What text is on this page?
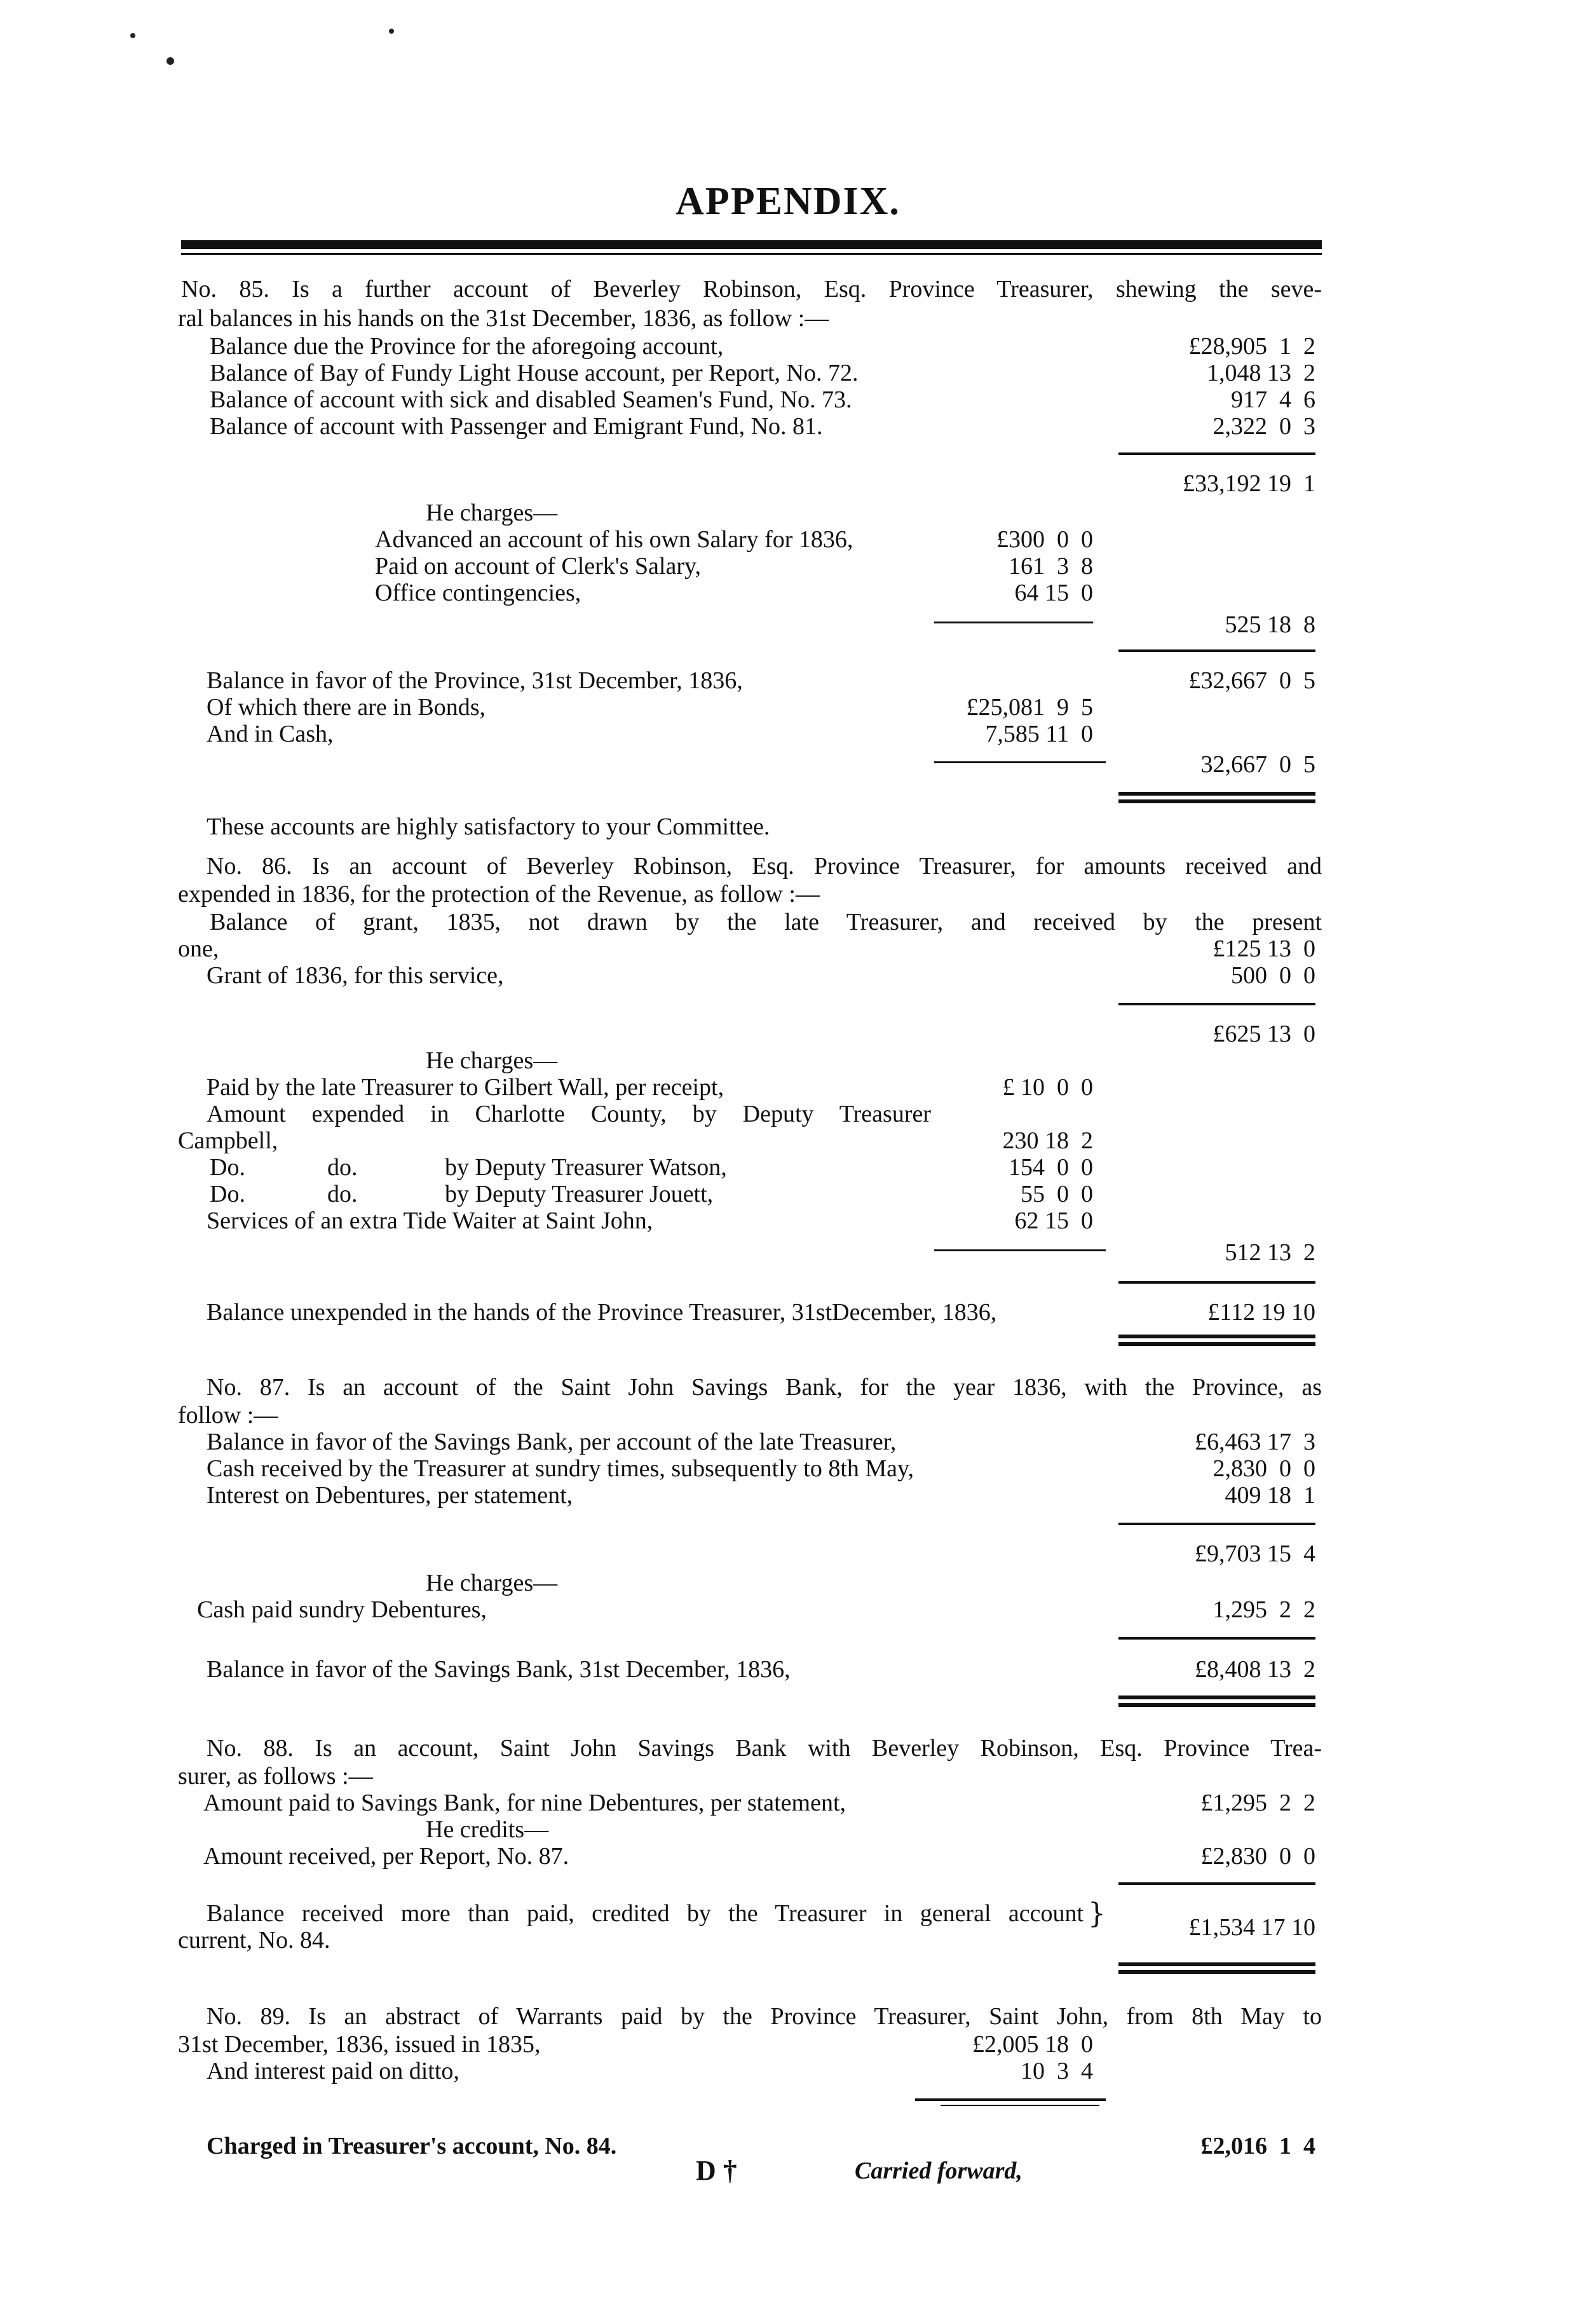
APPENDIX.
No. 85. Is a further account of Beverley Robinson, Esq. Province Treasurer, shewing the seve-
ral balances in his hands on the 31st December, 1836, as follow :—
Balance due the Province for the aforegoing account,	£28,905  1  2
Balance of Bay of Fundy Light House account, per Report, No. 72.	1,048 13  2
Balance of account with sick and disabled Seamen's Fund, No. 73.	917  4  6
Balance of account with Passenger and Emigrant Fund, No. 81.	2,322  0  3
£33,192 19  1
He charges—
Advanced an account of his own Salary for 1836,	£300  0  0
Paid on account of Clerk's Salary,	161  3  8
Office contingencies,	64 15  0
525 18  8
Balance in favor of the Province, 31st December, 1836,	£32,667  0  5
Of which there are in Bonds,	£25,081  9  5
And in Cash,	7,585 11  0
32,667  0  5
These accounts are highly satisfactory to your Committee.
No. 86. Is an account of Beverley Robinson, Esq. Province Treasurer, for amounts received and
expended in 1836, for the protection of the Revenue, as follow :—
Balance of grant, 1835, not drawn by the late Treasurer, and received by the present
one,	£125 13  0
Grant of 1836, for this service,	500  0  0
£625 13  0
He charges—
Paid by the late Treasurer to Gilbert Wall, per receipt,	£ 10  0  0
Amount expended in Charlotte County, by Deputy Treasurer
Campbell,	230 18  2
Do.	do.	by Deputy Treasurer Watson,	154  0  0
Do.	do.	by Deputy Treasurer Jouett,	55  0  0
Services of an extra Tide Waiter at Saint John,	62 15  0
512 13  2
Balance unexpended in the hands of the Province Treasurer, 31stDecember, 1836,	£112 19 10
No. 87. Is an account of the Saint John Savings Bank, for the year 1836, with the Province, as
follow :—
Balance in favor of the Savings Bank, per account of the late Treasurer,	£6,463 17  3
Cash received by the Treasurer at sundry times, subsequently to 8th May,	2,830  0  0
Interest on Debentures, per statement,	409 18  1
£9,703 15  4
He charges—
Cash paid sundry Debentures,	1,295  2  2
Balance in favor of the Savings Bank, 31st December, 1836,	£8,408 13  2
No. 88. Is an account, Saint John Savings Bank with Beverley Robinson, Esq. Province Trea-
surer, as follows :—
Amount paid to Savings Bank, for nine Debentures, per statement,	£1,295  2  2
He credits—
Amount received, per Report, No. 87.	£2,830  0  0
Balance received more than paid, credited by the Treasurer in general account
current, No. 84.
}	£1,534 17 10
No. 89. Is an abstract of Warrants paid by the Province Treasurer, Saint John, from 8th May to
31st December, 1836, issued in 1835,	£2,005 18  0
And interest paid on ditto,	10  3  4
Charged in Treasurer's account, No. 84.	£2,016  1  4
D †	Carried forward,
